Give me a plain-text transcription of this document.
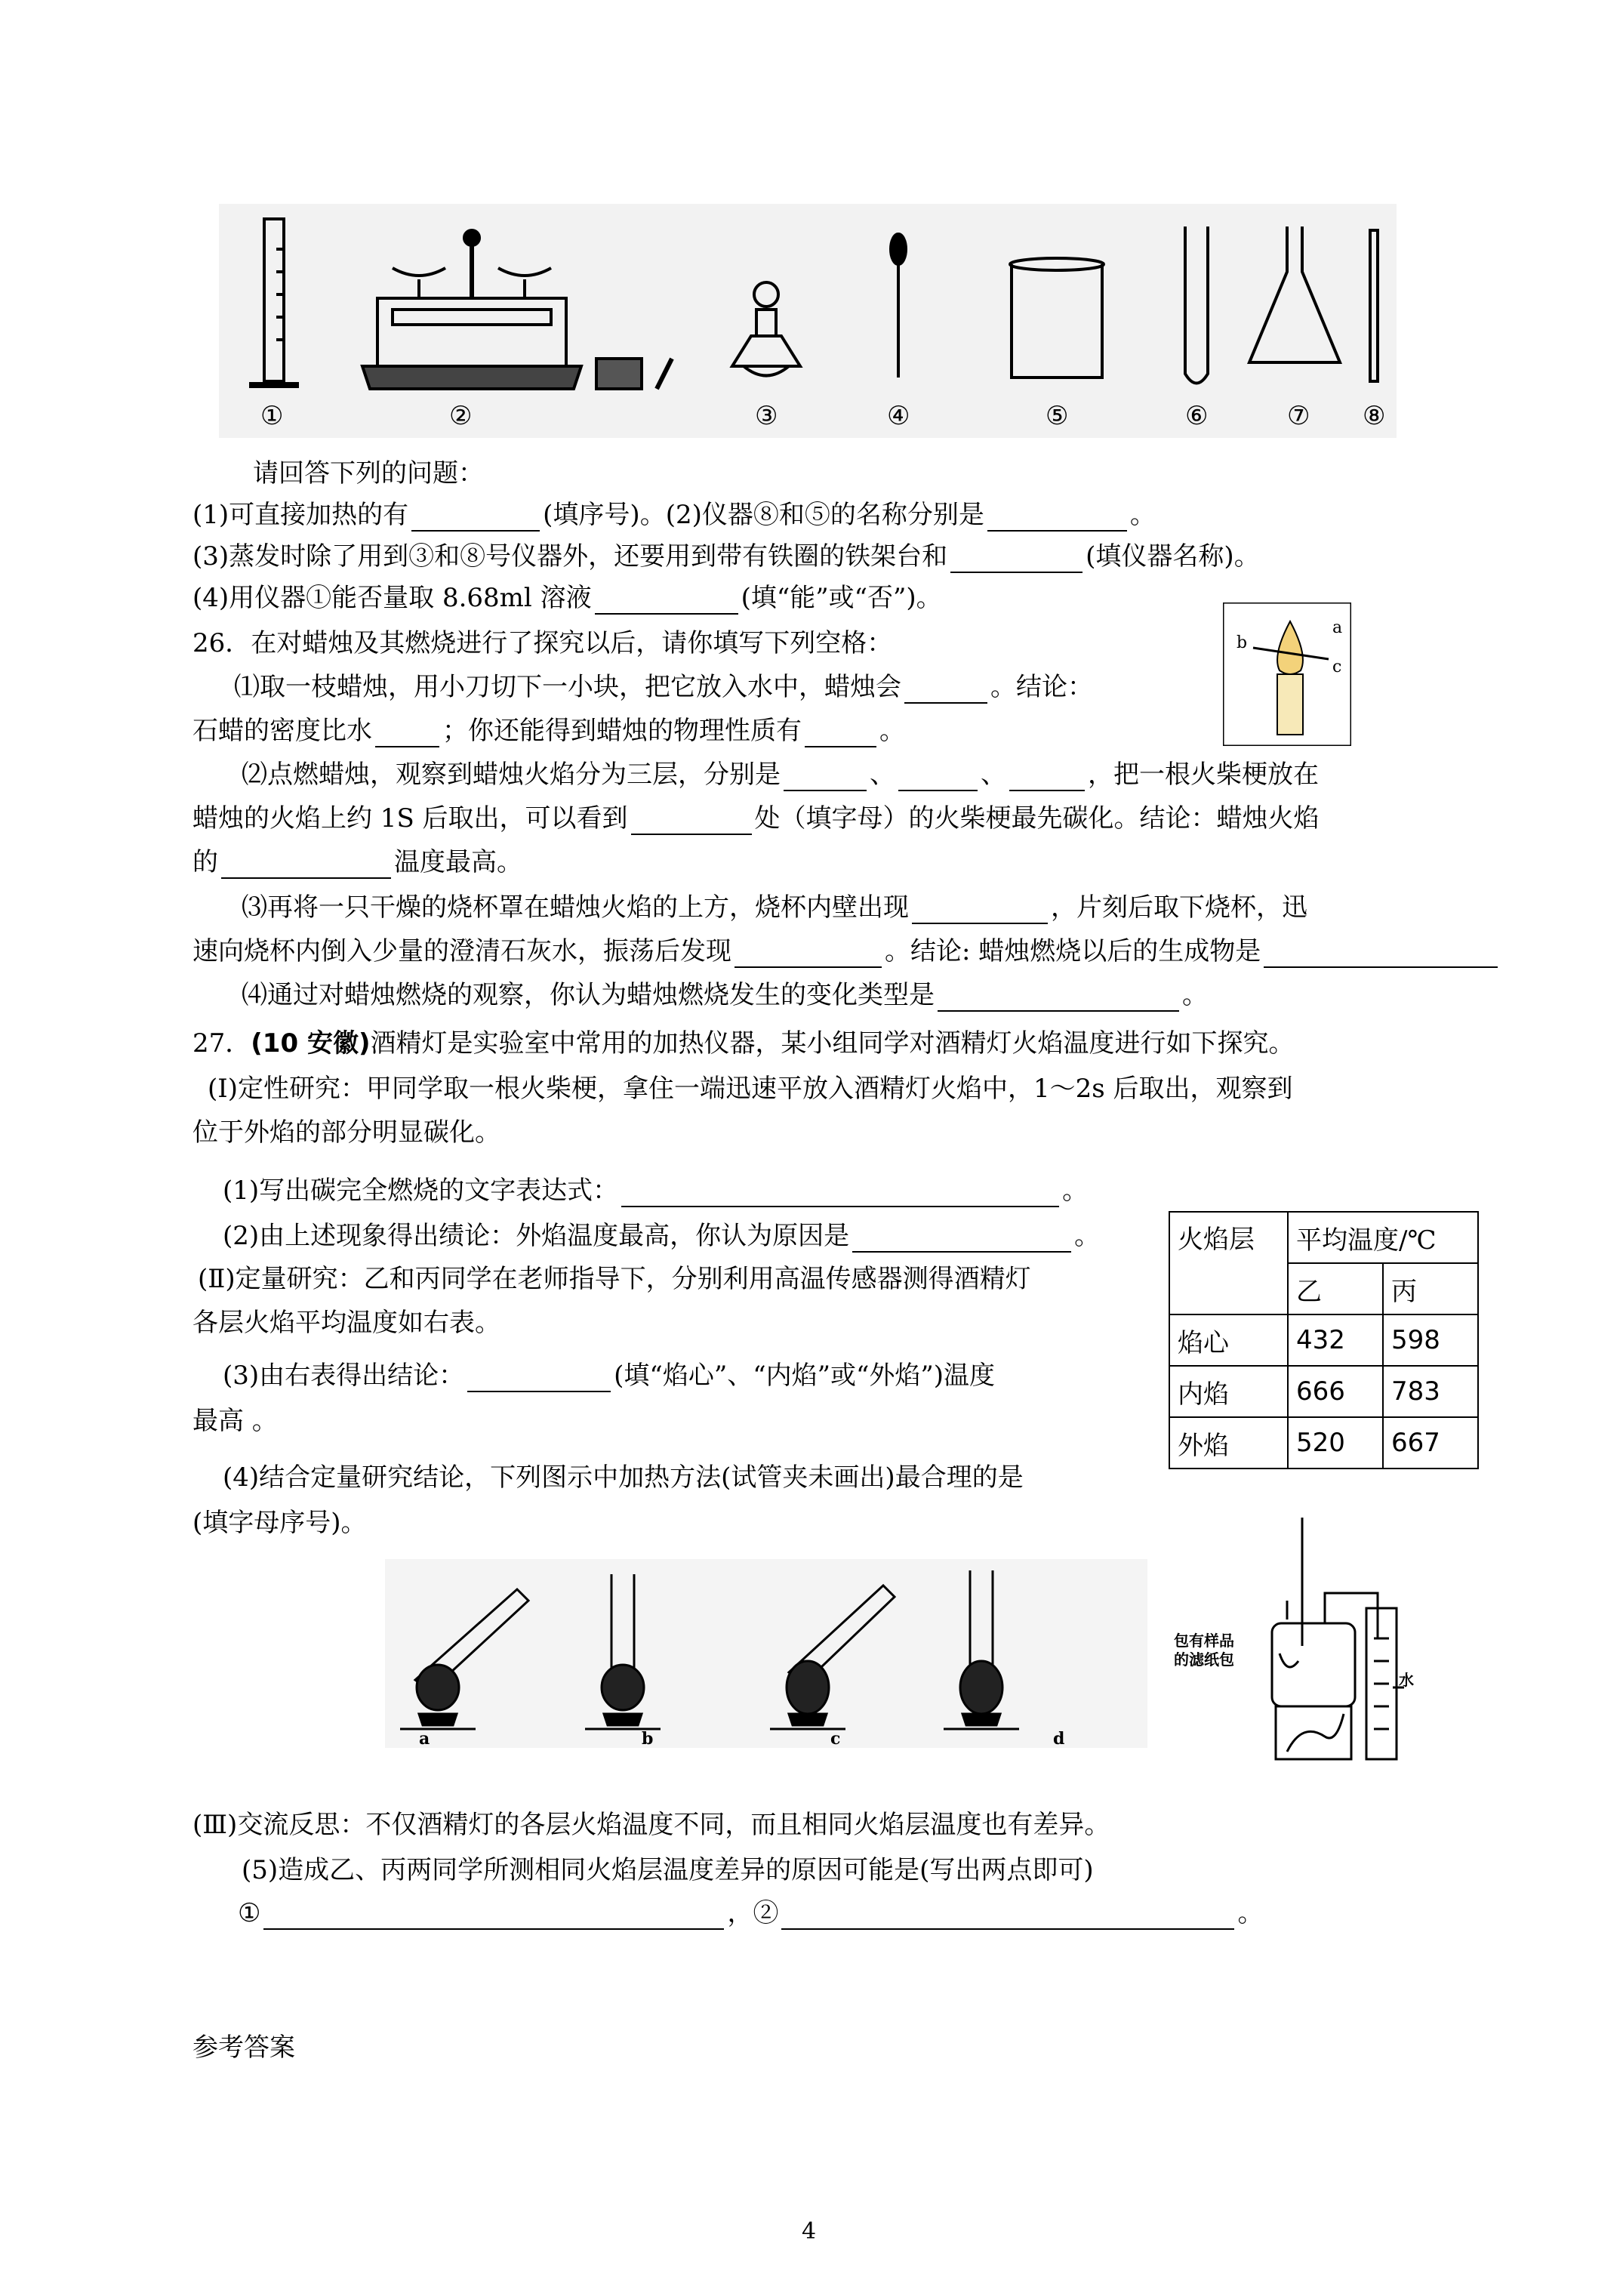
①	②	③	④	⑤	⑥	⑦ ⑧
请回答下列的问题：
(1)可直接加热的有	(填序号)。(2)仪器⑧和⑤的名称分别是	。
(3)蒸发时除了用到③和⑧号仪器外，还要用到带有铁圈的铁架台和	(填仪器名称)。
(4)用仪器①能否量取 8.68ml 溶液	(填“能”或“否”)。
a
b
c
26．在对蜡烛及其燃烧进行了探究以后，请你填写下列空格：
⑴取一枝蜡烛，用小刀切下一小块，把它放入水中，蜡烛会	。结论：
石蜡的密度比水	；你还能得到蜡烛的物理性质有	。
⑵点燃蜡烛，观察到蜡烛火焰分为三层，分别是	、	、	，把一根火柴梗放在
蜡烛的火焰上约 1S 后取出，可以看到	处（填字母）的火柴梗最先碳化。结论：蜡烛火焰
的	温度最高。
⑶再将一只干燥的烧杯罩在蜡烛火焰的上方，烧杯内壁出现	，片刻后取下烧杯，迅
速向烧杯内倒入少量的澄清石灰水，振荡后发现	。结论: 蜡烛燃烧以后的生成物是
⑷通过对蜡烛燃烧的观察，你认为蜡烛燃烧发生的变化类型是	。
27．(10 安徽)酒精灯是实验室中常用的加热仪器，某小组同学对酒精灯火焰温度进行如下探究。
(Ⅰ)定性研究：甲同学取一根火柴梗，拿住一端迅速平放入酒精灯火焰中，1～2s 后取出，观察到
位于外焰的部分明显碳化。
(1)写出碳完全燃烧的文字表达式：	。
(2)由上述现象得出绩论：外焰温度最高，你认为原因是	。
(Ⅱ)定量研究：乙和丙同学在老师指导下，分别利用高温传感器测得酒精灯
各层火焰平均温度如右表。
(3)由右表得出结论：	(填“焰心”、“内焰”或“外焰”)温度
最高 。
(4)结合定量研究结论，下列图示中加热方法(试管夹未画出)最合理的是
(填字母序号)。
火焰层	平均温度/℃	
	乙	丙
焰心	432	598
内焰	666	783
外焰	520	667
a	b	c	d
包有样品
的滤纸包
水
(Ⅲ)交流反思：不仅酒精灯的各层火焰温度不同，而且相同火焰层温度也有差异。
(5)造成乙、丙两同学所测相同火焰层温度差异的原因可能是(写出两点即可)
①	，②	。
参考答案
4
